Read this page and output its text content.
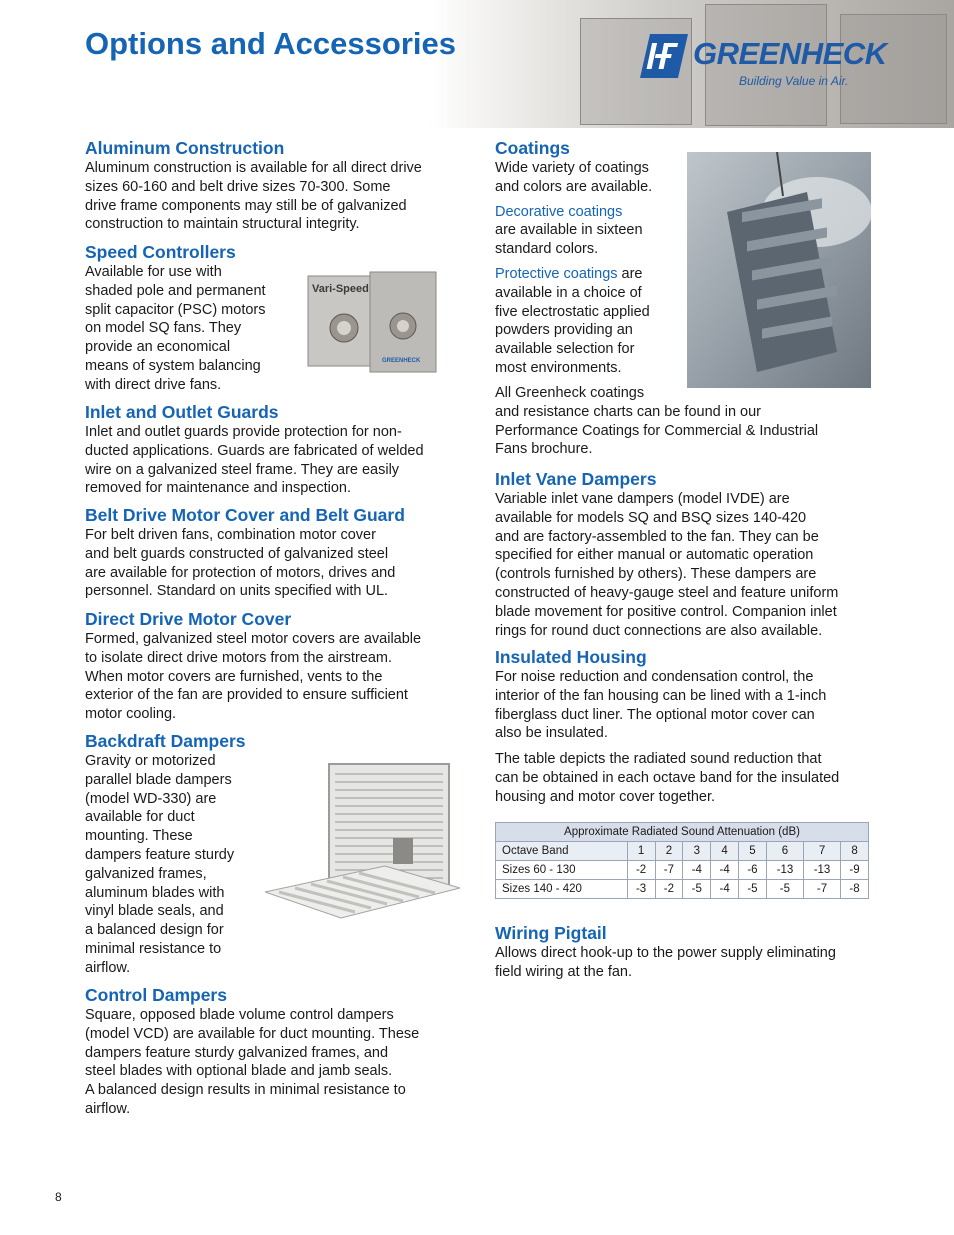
Options and Accessories	GREENHECK
Building Value in Air.
Aluminum Construction

Aluminum construction is available for all direct drive

sizes 60-160 and belt drive sizes 70-300. Some

drive frame components may still be of galvanized

construction to maintain structural integrity.

Speed Controllers

Available for use with

shaded pole and permanent

split capacitor (PSC) motors

on model SQ fans. They

provide an economical

means of system balancing

with direct drive fans.

Vari-Speed
GREENHECK
Inlet and Outlet Guards

Inlet and outlet guards provide protection for non-

ducted applications. Guards are fabricated of welded

wire on a galvanized steel frame. They are easily

removed for maintenance and inspection.

Belt Drive Motor Cover and Belt Guard

For belt driven fans, combination motor cover

and belt guards constructed of galvanized steel

are available for protection of motors, drives and

personnel. Standard on units specified with UL.

Direct Drive Motor Cover

Formed, galvanized steel motor covers are available

to isolate direct drive motors from the airstream.

When motor covers are furnished, vents to the

exterior of the fan are provided to ensure sufficient

motor cooling.

Backdraft Dampers

Gravity or motorized

parallel blade dampers

(model WD-330) are

available for duct

mounting. These

dampers feature sturdy

galvanized frames,

aluminum blades with

vinyl blade seals, and

a balanced design for

minimal resistance to

airflow.

Control Dampers

Square, opposed blade volume control dampers

(model VCD) are available for duct mounting. These

dampers feature sturdy galvanized frames, and

steel blades with optional blade and jamb seals.

A balanced design results in minimal resistance to

airflow.

Coatings

Wide variety of coatings

and colors are available.

Decorative coatings

are available in sixteen

standard colors.

Protective coatings are

available in a choice of

five electrostatic applied

powders providing an

available selection for

most environments.

All Greenheck coatings

and resistance charts can be found in our

Performance Coatings for Commercial & Industrial

Fans brochure.

Inlet Vane Dampers

Variable inlet vane dampers (model IVDE) are

available for models SQ and BSQ sizes 140-420

and are factory-assembled to the fan. They can be

specified for either manual or automatic operation

(controls furnished by others). These dampers are

constructed of heavy-gauge steel and feature uniform

blade movement for positive control. Companion inlet

rings for round duct connections are also available.

Insulated Housing

For noise reduction and condensation control, the

interior of the fan housing can be lined with a 1-inch

fiberglass duct liner. The optional motor cover can

also be insulated.

The table depicts the radiated sound reduction that

can be obtained in each octave band for the insulated

housing and motor cover together.

Approximate Radiated Sound Attenuation (dB)								
Octave Band	1	2	3	4	5	6	7	8
Sizes 60 - 130	-2	-7	-4	-4	-6	-13	-13	-9
Sizes 140 - 420	-3	-2	-5	-4	-5	-5	-7	-8
Wiring Pigtail

Allows direct hook-up to the power supply eliminating

field wiring at the fan.

8
